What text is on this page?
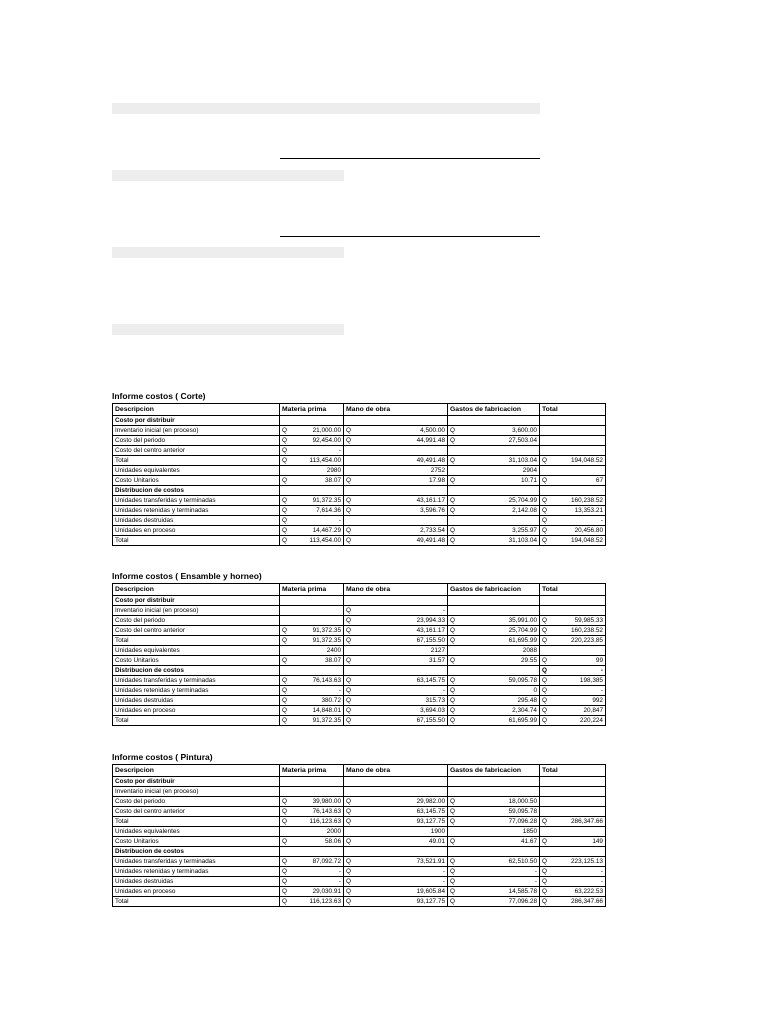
Informe costos ( Corte)
Descripcion	Materia prima	Mano de obra	Gastos de fabricacion	Total
Costo por distribuir				
Inventario inicial (en proceso)	Q 21,000.00	Q 4,500.00	Q 3,600.00	

Costo del periodo	Q 92,454.00	Q 44,991.48	Q 27,503.04	

Costo del centro anterior	Q -			

Total	Q 113,454.00	49,491.48	Q 31,103.04	Q 194,048.52

Unidades equivalentes	2980	2752	2904	

Costo Unitarios	Q 38.07	Q 17.98	Q 10.71	Q 67

Distribucion de costos				
Unidades transferidas y terminadas	Q 91,372.35	Q 43,161.17	Q 25,704.99	Q 160,238.52

Unidades retenidas y terminadas	Q 7,614.36	Q 3,596.76	Q 2,142.08	Q 13,353.21

Unidades destruidas	Q -			Q -

Unidades en proceso	Q 14,467.29	Q 2,733.54	Q 3,255.97	Q 20,456.80

Total	Q 113,454.00	Q 49,491.48	Q 31,103.04	Q 194,048.52
Informe costos ( Ensamble y horneo)
Descripcion	Materia prima	Mano de obra	Gastos de fabricacion	Total
Costo por distribuir				
Inventario inicial (en proceso)		Q -		

Costo del periodo		Q 23,994.33	Q 35,991.00	Q 59,985.33

Costo del centro anterior	Q 91,372.35	Q 43,161.17	Q 25,704.99	Q 160,238.52

Total	Q 91,372.35	Q 67,155.50	Q 61,695.99	Q 220,223.85

Unidades equivalentes	2400	2127	2088	

Costo Unitarios	Q 38.07	Q 31.57	Q 29.55	Q 99

Distribucion de costos				Q -

Unidades transferidas y terminadas	Q 76,143.63	Q 63,145.75	Q 59,095.78	Q 198,385

Unidades retenidas y terminadas	Q -	Q -	Q 0	Q -

Unidades destruidas	Q 380.72	Q 315.73	Q 295.48	Q 992

Unidades en proceso	Q 14,848.01	Q 3,694.03	Q 2,304.74	Q 20,847

Total	Q 91,372.35	Q 67,155.50	Q 61,695.99	Q 220,224
Informe costos ( Pintura)
Descripcion	Materia prima	Mano de obra	Gastos de fabricacion	Total
Costo por distribuir				
Inventario inicial (en proceso)				
Costo del periodo	Q 39,980.00	Q 29,982.00	Q 18,000.50	

Costo del centro anterior	Q 76,143.63	Q 63,145.75	Q 59,095.78	

Total	Q 116,123.63	Q 93,127.75	Q 77,096.28	Q 286,347.66

Unidades equivalentes	2000	1900	1850	

Costo Unitarios	Q 58.06	Q 49.01	Q 41.67	Q 149

Distribucion de costos				
Unidades transferidas y terminadas	Q 87,092.72	Q 73,521.91	Q 62,510.50	Q 223,125.13

Unidades retenidas y terminadas	Q -	Q -	Q -	Q -

Unidades destruidas	Q -	Q -	Q -	Q -

Unidades en proceso	Q 29,030.91	Q 19,605.84	Q 14,585.78	Q 63,222.53

Total	Q 116,123.63	Q 93,127.75	Q 77,096.28	Q 286,347.66
